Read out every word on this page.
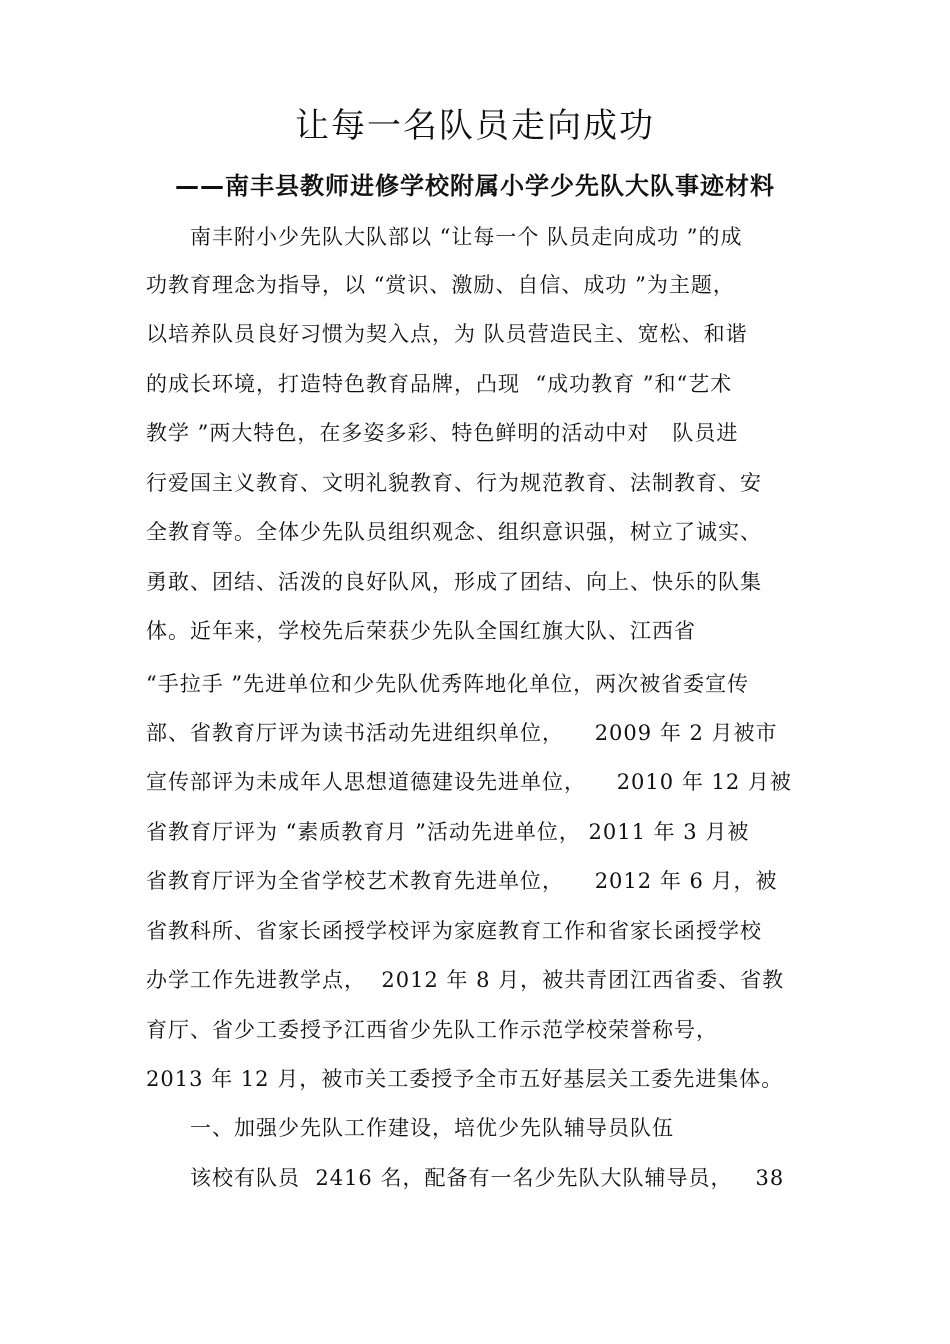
让每一名队员走向成功
——南丰县教师进修学校附属小学少先队大队事迹材料
南丰附小少先队大队部以 “让每一个 队员走向成功 ”的成
功教育理念为指导，以 “赏识、激励、自信、成功 ”为主题，
以培养队员良好习惯为契入点，为 队员营造民主、宽松、和谐
的成长环境，打造特色教育品牌，凸现  “成功教育 ”和“艺术
教学 ”两大特色，在多姿多彩、特色鲜明的活动中对   队员进
行爱国主义教育、文明礼貌教育、行为规范教育、法制教育、安
全教育等。全体少先队员组织观念、组织意识强，树立了诚实、
勇敢、团结、活泼的良好队风，形成了团结、向上、快乐的队集
体。近年来，学校先后荣获少先队全国红旗大队、江西省
“手拉手 ”先进单位和少先队优秀阵地化单位，两次被省委宣传
部、省教育厅评为读书活动先进组织单位，    2009 年 2 月被市
宣传部评为未成年人思想道德建设先进单位，    2010 年 12 月被
省教育厅评为 “素质教育月 ”活动先进单位， 2011 年 3 月被
省教育厅评为全省学校艺术教育先进单位，    2012 年 6 月，被
省教科所、省家长函授学校评为家庭教育工作和省家长函授学校
办学工作先进教学点，  2012 年 8 月，被共青团江西省委、省教
育厅、省少工委授予江西省少先队工作示范学校荣誉称号，
2013 年 12 月，被市关工委授予全市五好基层关工委先进集体。
一、加强少先队工作建设，培优少先队辅导员队伍
该校有队员  2416 名，配备有一名少先队大队辅导员，   38
